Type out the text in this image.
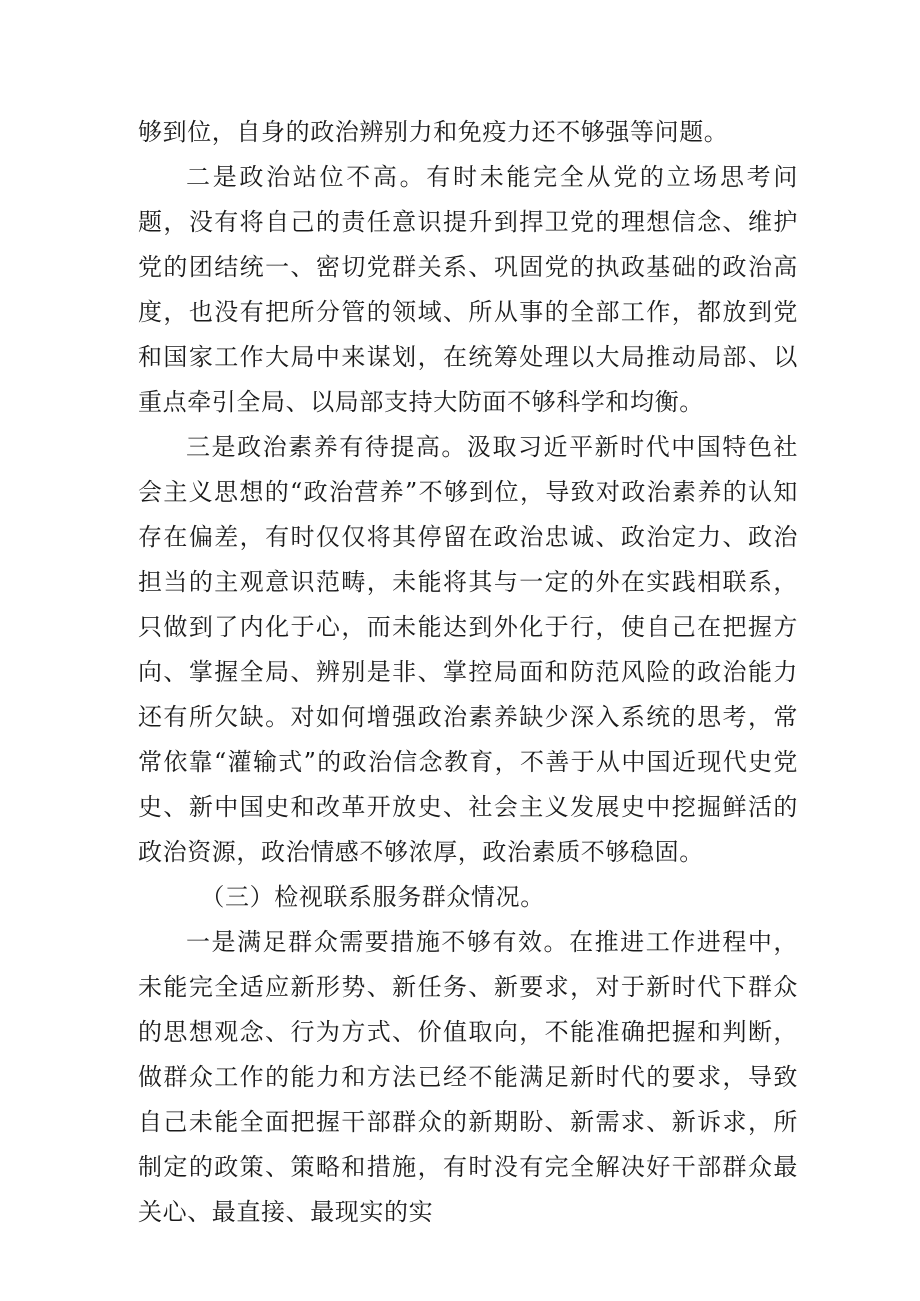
够到位，自身的政治辨别力和免疫力还不够强等问题。

二是政治站位不高。有时未能完全从党的立场思考问题，没有将自己的责任意识提升到捍卫党的理想信念、维护党的团结统一、密切党群关系、巩固党的执政基础的政治高度，也没有把所分管的领域、所从事的全部工作，都放到党和国家工作大局中来谋划，在统筹处理以大局推动局部、以重点牵引全局、以局部支持大防面不够科学和均衡。

三是政治素养有待提高。汲取习近平新时代中国特色社会主义思想的“政治营养”不够到位，导致对政治素养的认知存在偏差，有时仅仅将其停留在政治忠诚、政治定力、政治担当的主观意识范畴，未能将其与一定的外在实践相联系，只做到了内化于心，而未能达到外化于行，使自己在把握方向、掌握全局、辨别是非、掌控局面和防范风险的政治能力还有所欠缺。对如何增强政治素养缺少深入系统的思考，常常依靠“灌输式”的政治信念教育，不善于从中国近现代史党史、新中国史和改革开放史、社会主义发展史中挖掘鲜活的政治资源，政治情感不够浓厚，政治素质不够稳固。

（三）检视联系服务群众情况。

一是满足群众需要措施不够有效。在推进工作进程中，未能完全适应新形势、新任务、新要求，对于新时代下群众的思想观念、行为方式、价值取向，不能准确把握和判断，做群众工作的能力和方法已经不能满足新时代的要求，导致自己未能全面把握干部群众的新期盼、新需求、新诉求，所制定的政策、策略和措施，有时没有完全解决好干部群众最关心、最直接、最现实的实
